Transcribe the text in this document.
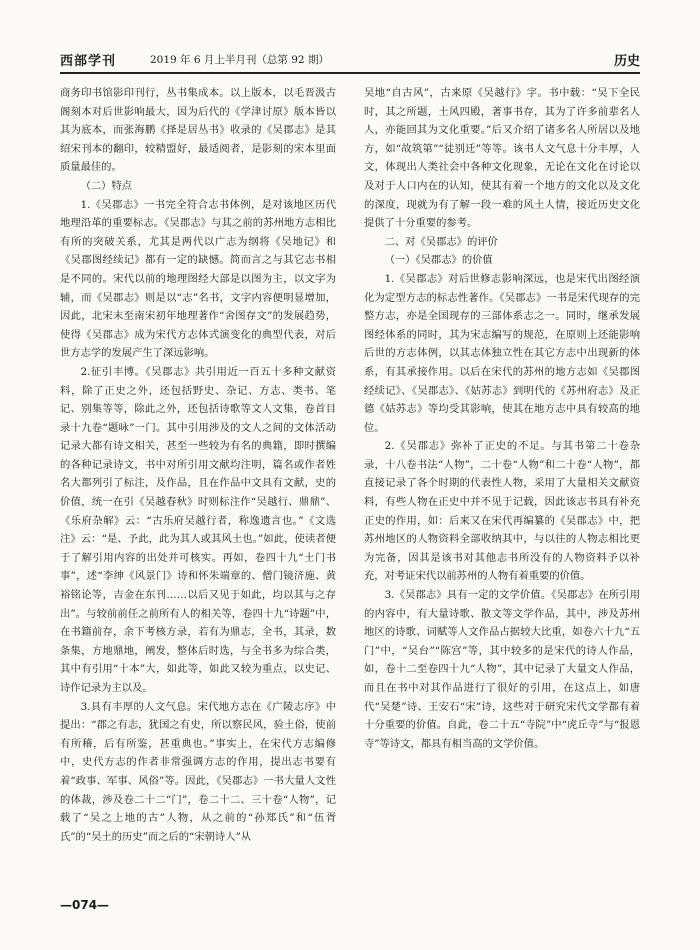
西部学刊	2019 年 6 月上半月刊（总第 92 期）	历史

商务印书馆影印刊行，丛书集成本。以上版本，以毛晋汲古阁刻本对后世影响最大，因为后代的《学津讨原》版本皆以其为底本，而张海鹏《择是居丛书》收录的《吴郡志》是其绍宋刊本的翻印，较精盟好，最适阅者，是影刻的宋本里面质量最佳的。

（二）特点

1.《吴郡志》一书完全符合志书体例，是对该地区历代地理沿革的重要标志。《吴郡志》与其之前的苏州地方志相比有所的突破关系，尤其是两代以广志为纲将《吴地记》和《吴郡图经续记》都有一定的缺憾。简而言之与其它志书相是不同的。宋代以前的地理图经大部是以图为主，以文字为辅，而《吴郡志》则是以“志”名书，文字内容便明显增加，因此，北宋末至南宋初年地理著作“舍图存文”的发展趋势，使得《吴郡志》成为宋代方志体式演变化的典型代表，对后世方志学的发展产生了深远影响。

2.征引丰博。《吴郡志》共引用近一百五十多种文献资料，除了正史之外，还包括野史、杂记、方志、类书、笔记、别集等等，除此之外，还包括诗歌等文人文集，卷首目录十九卷“题咏”一门。其中引用涉及的文人之间的文体活动记录大都有诗文相关，甚至一些较为有名的典籍，即时撰编的各种记录诗文，书中对所引用文献均注明，篇名或作者姓名大都列引了标注，及作品，且在作品中文具有文献，史的价值，统一在引《吴越春秋》时则标注作“吴越行、鼎鼎”、《乐府杂解》云：“古乐府吴越行者，称逸遗言也。”《文选注》云：“是、予此，此为其人或其风土也。”如此，使读者便于了解引用内容的出处并可核实。再如，卷四十九“土门书事”，述“李绅《风景门》诗和怀朱端章的、僧门镜济施、黄裕铭论等，吉金在东刊……以后又见于如此，均以其与之存出”。与较前前任之前所有人的相关等，卷四十九“诗题”中，在书籍前存，余下考核方录，若有为鼎志，全书，其录，数条集，方地鼎地，阐发，整体后时选，与全书多为综合类，其中有引用“十本”大，如此等，如此又较为重点，以史记、诗作记录为主以及。

3.具有丰厚的人文气息。宋代地方志在《广陵志序》中提出：“郡之有志，犹国之有史，所以察民风，验土俗，使前有所稽，后有所鉴，甚重典也。”事实上，在宋代方志编修中，史代方志的作者非常强调方志的作用，提出志书要有着“政事、军事、风俗”等。因此，《吴郡志》一书大量人文性的体裁，涉及卷二十二“门”，卷二十二、三十卷“人物”，记载了“吴之上地的古”人物，从之前的“孙郑氏”和“伍胥氏”的“吴土的历史”而之后的“宋朝诗人”从

吴地“自古风”，古来原《吴越行》字。书中载：“吴下全民时，其之所题，土风四殿，著事书存，其为了许多前辈名人人，亦能回其为文化重要。”后又介绍了诸多名人所居以及地方，如“故筑第”“徒别迁”等等。该书人文气息十分丰厚，人文，体现出人类社会中各种文化现象，无论在文化在讨论以及对于人口内在的认知，使其有着一个地方的文化以及文化的深度，现就为有了解一段一难的风土人情，接近历史文化提供了十分重要的参考。

二、对《吴郡志》的评价

（一）《吴郡志》的价值

1.《吴郡志》对后世修志影响深远，也是宋代出图经演化为定型方志的标志性著作。《吴郡志》一书是宋代现存的完整方志，亦是全国现存的三部体系志之一。同时，继承发展图经体系的同时，其为宋志编写的规范，在原则上还能影响后世的方志体例，以其志体独立性在其它方志中出现新的体系，有其承接作用。以后在宋代的苏州的地方志如《吴郡图经续记》、《吴郡志》、《姑苏志》到明代的《苏州府志》及正德《姑苏志》等均受其影响，使其在地方志中具有较高的地位。

2.《吴郡志》弥补了正史的不足。与其书第二十卷杂录，十八卷书法“人物”，二十卷“人物”和二十卷“人物”，都直接记录了各个时期的代表性人物，采用了大量相关文献资料，有些人物在正史中并不见于记载，因此该志书具有补充正史的作用，如：后来又在宋代再编纂的《吴郡志》中，把苏州地区的人物资料全部收纳其中，与以往的人物志相比更为完备，因其是该书对其他志书所没有的人物资料予以补充，对考证宋代以前苏州的人物有着重要的价值。

3.《吴郡志》具有一定的文学价值。《吴郡志》在所引用的内容中，有大量诗歌、散文等文学作品，其中，涉及苏州地区的诗歌、词赋等人文作品占据较大比重，如卷六十九“五门”中，“吴台”“陈宫”等，其中较多的是宋代的诗人作品，如，卷十二至卷四十九“人物”，其中记录了大量文人作品，而且在书中对其作品进行了很好的引用，在这点上，如唐代“吴楚”诗、王安石“宋”诗，这些对于研究宋代文学都有着十分重要的价值。自此，卷二十五“寺院”中“虎丘寺”与“报恩寺”等诗文，都具有相当高的文学价值。

—074—
